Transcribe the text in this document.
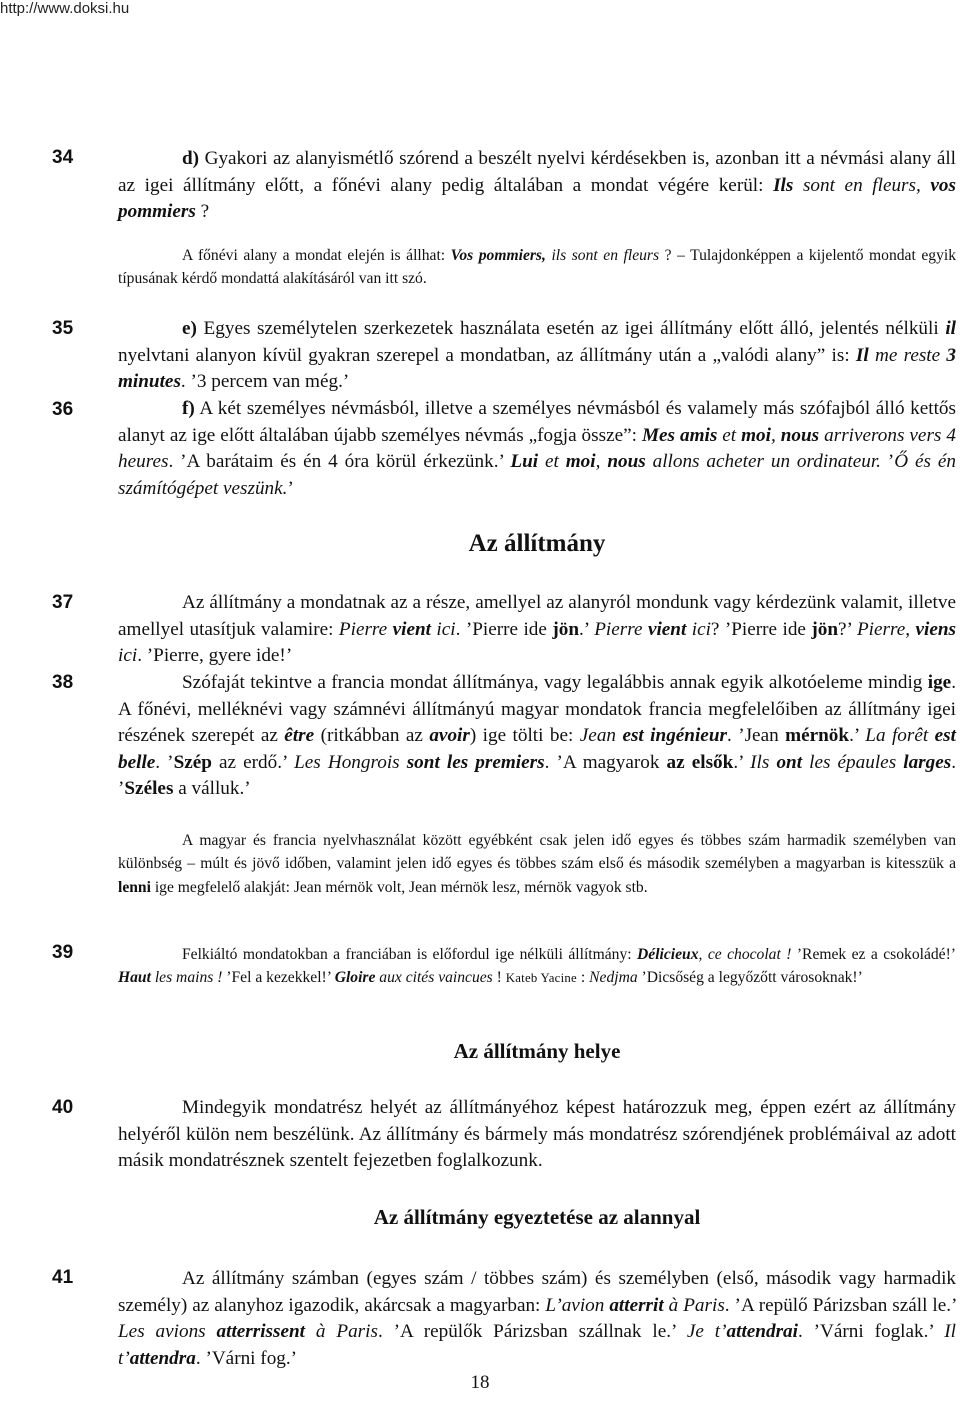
http://www.doksi.hu
34	d) Gyakori az alanyismétlő szórend a beszélt nyelvi kérdésekben is, azonban itt a névmási alany áll az igei állítmány előtt, a főnévi alany pedig általában a mondat végére kerül: Ils sont en fleurs, vos pommiers ?
A főnévi alany a mondat elején is állhat: Vos pommiers, ils sont en fleurs ? – Tulajdonképpen a kijelentő mondat egyik típusának kérdő mondattá alakításáról van itt szó.
35	e) Egyes személytelen szerkezetek használata esetén az igei állítmány előtt álló, jelentés nélküli il nyelvtani alanyon kívül gyakran szerepel a mondatban, az állítmány után a „valódi alany” is: Il me reste 3 minutes. ’3 percem van még.’
36	f) A két személyes névmásból, illetve a személyes névmásból és valamely más szófajból álló kettős alanyt az ige előtt általában újabb személyes névmás „fogja össze”: Mes amis et moi, nous arriverons vers 4 heures. ’A barátaim és én 4 óra körül érkezünk.’ Lui et moi, nous allons acheter un ordinateur. ’Ő és én számítógépet veszünk.’
Az állítmány
37	Az állítmány a mondatnak az a része, amellyel az alanyról mondunk vagy kérdezünk valamit, illetve amellyel utasítjuk valamire: Pierre vient ici. ’Pierre ide jön.’ Pierre vient ici? ’Pierre ide jön?’ Pierre, viens ici. ’Pierre, gyere ide!’
38	Szófaját tekintve a francia mondat állítmánya, vagy legalábbis annak egyik alkotóeleme mindig ige. A főnévi, melléknévi vagy számnévi állítmányú magyar mondatok francia megfelelőiben az állítmány igei részének szerepét az être (ritkábban az avoir) ige tölti be: Jean est ingénieur. ’Jean mérnök.’ La forêt est belle. ’Szép az erdő.’ Les Hongrois sont les premiers. ’A magyarok az elsők.’ Ils ont les épaules larges. ’Széles a válluk.’
A magyar és francia nyelvhasználat között egyébként csak jelen idő egyes és többes szám harmadik személyben van különbség – múlt és jövő időben, valamint jelen idő egyes és többes szám első és második személyben a magyarban is kitesszük a lenni ige megfelelő alakját: Jean mérnök volt, Jean mérnök lesz, mérnök vagyok stb.
39	Felkiáltó mondatokban a franciában is előfordul ige nélküli állítmány: Délicieux, ce chocolat ! ’Remek ez a csokoládé!’ Haut les mains ! ’Fel a kezekkel!’ Gloire aux cités vaincues ! Kateb Yacine : Nedjma ’Dicsőség a legyőzőtt városoknak!’
Az állítmány helye
40	Mindegyik mondatrész helyét az állítmányéhoz képest határozzuk meg, éppen ezért az állítmány helyéről külön nem beszélünk. Az állítmány és bármely más mondatrész szórendjének problémáival az adott másik mondatrésznek szentelt fejezetben foglalkozunk.
Az állítmány egyeztetése az alannyal
41	Az állítmány számban (egyes szám / többes szám) és személyben (első, második vagy harmadik személy) az alanyhoz igazodik, akárcsak a magyarban: L’avion atterrit à Paris. ’A repülő Párizsban száll le.’ Les avions atterrissent à Paris. ’A repülők Párizsban szállnak le.’ Je t’attendrai. ’Várni foglak.’ Il t’attendra. ’Várni fog.’
18
